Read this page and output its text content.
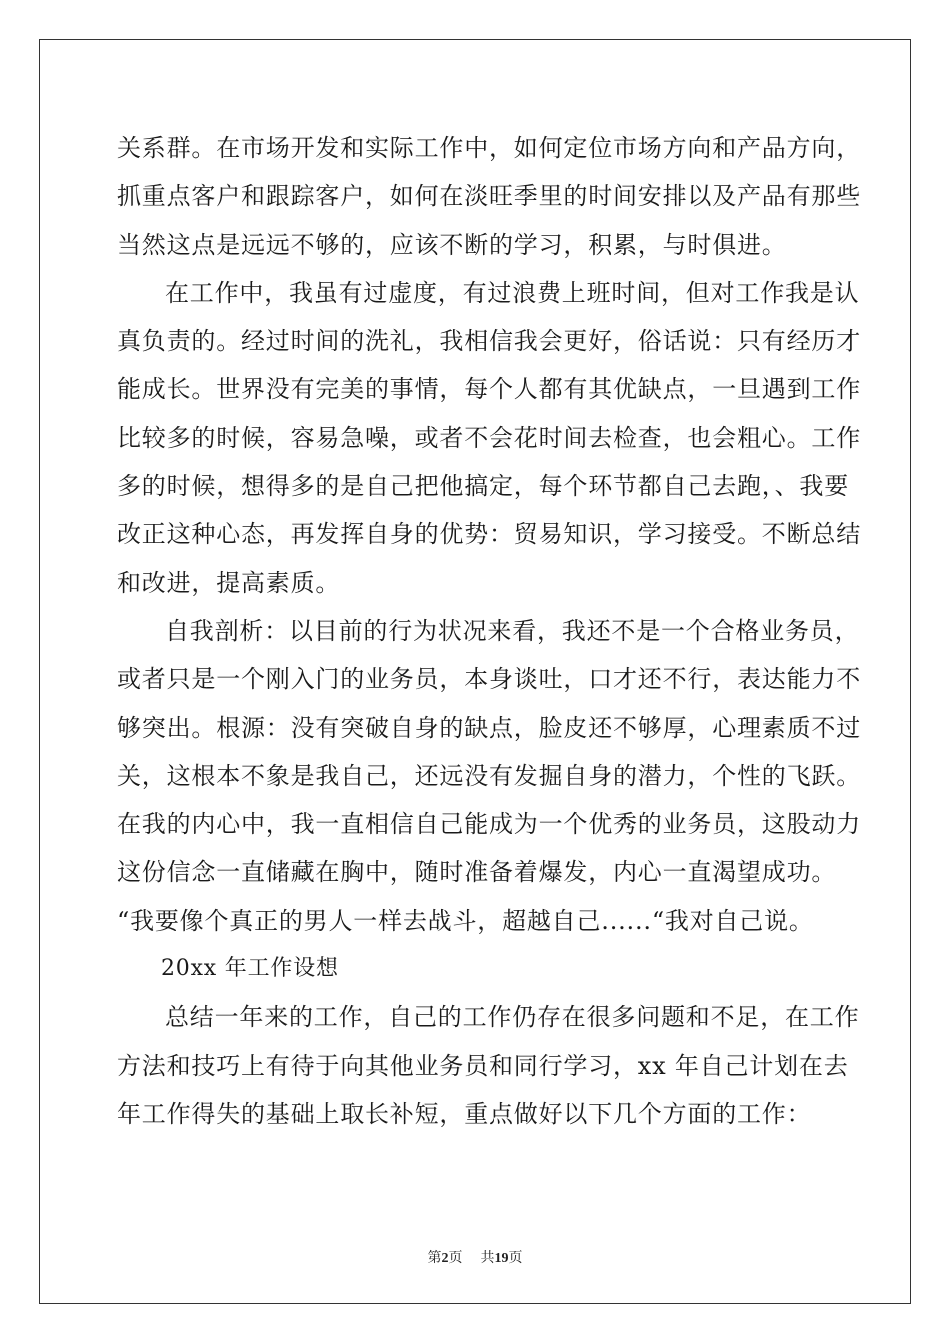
关系群。在市场开发和实际工作中，如何定位市场方向和产品方向，
抓重点客户和跟踪客户，如何在淡旺季里的时间安排以及产品有那些
当然这点是远远不够的，应该不断的学习，积累，与时俱进。
在工作中，我虽有过虚度，有过浪费上班时间，但对工作我是认
真负责的。经过时间的洗礼，我相信我会更好，俗话说：只有经历才
能成长。世界没有完美的事情，每个人都有其优缺点，一旦遇到工作
比较多的时候，容易急噪，或者不会花时间去检查，也会粗心。工作
多的时候，想得多的是自己把他搞定，每个环节都自己去跑，、我要
改正这种心态，再发挥自身的优势：贸易知识，学习接受。不断总结
和改进，提高素质。
自我剖析：以目前的行为状况来看，我还不是一个合格业务员，
或者只是一个刚入门的业务员，本身谈吐，口才还不行，表达能力不
够突出。根源：没有突破自身的缺点，脸皮还不够厚，心理素质不过
关，这根本不象是我自己，还远没有发掘自身的潜力，个性的飞跃。
在我的内心中，我一直相信自己能成为一个优秀的业务员，这股动力
这份信念一直储藏在胸中，随时准备着爆发，内心一直渴望成功。
“我要像个真正的男人一样去战斗，超越自己......“我对自己说。
20xx 年工作设想
总结一年来的工作，自己的工作仍存在很多问题和不足，在工作
方法和技巧上有待于向其他业务员和同行学习，xx 年自己计划在去
年工作得失的基础上取长补短，重点做好以下几个方面的工作：
第2页 共19页
